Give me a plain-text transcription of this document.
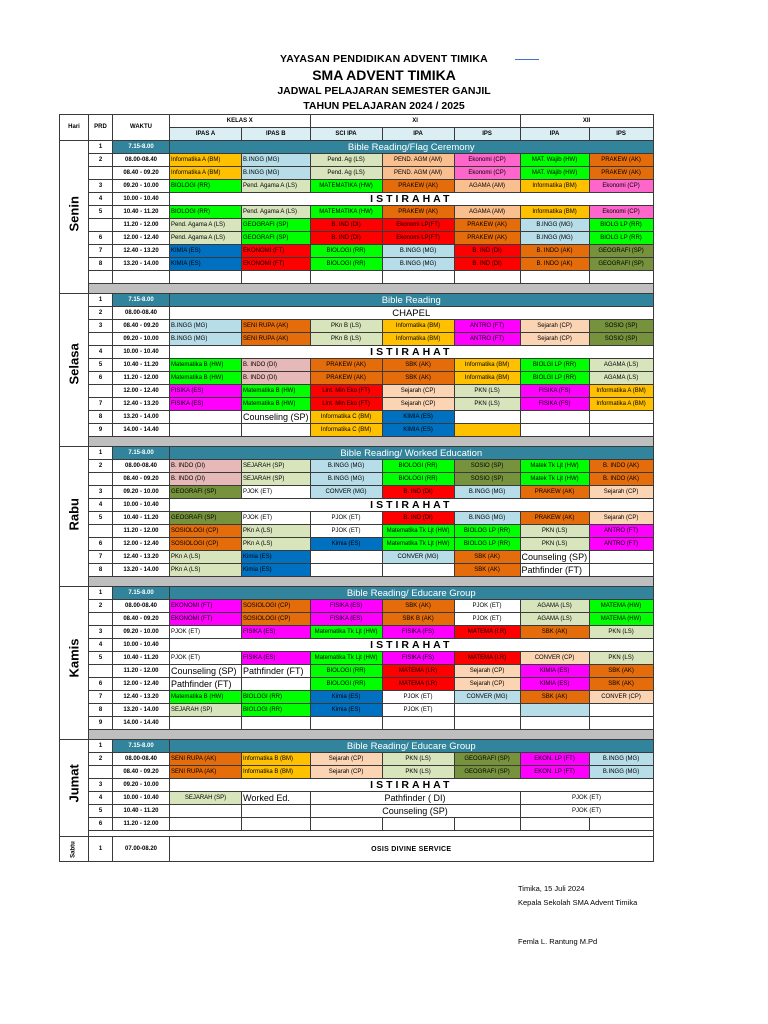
YAYASAN PENDIDIKAN ADVENT TIMIKA
SMA ADVENT TIMIKA
JADWAL PELAJARAN SEMESTER GANJIL
TAHUN PELAJARAN 2024 / 2025
Hari	PRD	WAKTU	KELAS X		XI			XII	
			IPAS A	IPAS B	SCI IPA	IPA	IPS	IPA	IPS

Senin	1	7.15-8.00	Bible Reading/Flag Ceremony						
	2	08.00-08.40	Informatika A (BM)	B.INGG (MG)	Pend. Ag (LS)	PEND. AGM (AM)	Ekonomi (CP)	MAT. Wajib (HW)	PRAKEW (AK)
		08.40 - 09.20	Informatika A (BM)	B.INGG (MG)	Pend. Ag (LS)	PEND. AGM (AM)	Ekonomi (CP)	MAT. Wajib (HW)	PRAKEW (AK)
	3	09.20 - 10.00	BIOLOGI (RR)	Pend. Agama A (LS)	MATEMATIKA (HW)	PRAKEW (AK)	AGAMA (AM)	Informatika (BM)	Ekonomi (CP)
	4	10.00 - 10.40	ISTIRAHAT						
	5	10.40 - 11.20	BIOLOGI (RR)	Pend. Agama A (LS)	MATEMATIKA (HW)	PRAKEW (AK)	AGAMA (AM)	Informatika (BM)	Ekonomi (CP)
		11.20 - 12.00	Pend. Agama A (LS)	GEOGRAFI (SP)	B. IND (DI)	Ekonomi LP(FT)	PRAKEW (AK)	B.INGG (MG)	BIOLG LP (RR)
	6	12.00 - 12.40	Pend. Agama A (LS)	GEOGRAFI (SP)	B. IND (DI)	Ekonomi LP(FT)	PRAKEW (AK)	B.INGG (MG)	BIOLG LP (RR)
	7	12.40 - 13.20	KIMIA (ES)	EKONOMI (FT)	BIOLOGI (RR)	B.INGG (MG)	B. IND (DI)	B. INDO (AK)	GEOGRAFI (SP)
	8	13.20 - 14.00	KIMIA (ES)	EKONOMI (FT)	BIOLOGI (RR)	B.INGG (MG)	B. IND (DI)	B. INDO (AK)	GEOGRAFI (SP)

Selasa	1	7.15-8.00	Bible Reading						
	2	08.00-08.40	CHAPEL						
	3	08.40 - 09.20	B.INGG (MG)	SENI RUPA (AK)	PKn B (LS)	Informatika (BM)	ANTRO (FT)	Sejarah (CP)	SOSIO (SP)
		09.20 - 10.00	B.INGG (MG)	SENI RUPA (AK)	PKn B (LS)	Informatika (BM)	ANTRO (FT)	Sejarah (CP)	SOSIO (SP)
	4	10.00 - 10.40	ISTIRAHAT						
	5	10.40 - 11.20	Matematika B (HW)	B. INDO (DI)	PRAKEW (AK)	SBK (AK)	Informatika (BM)	BIOLGI LP (RR)	AGAMA (LS)
	6	11.20 - 12.00	Matematika B (HW)	B. INDO (DI)	PRAKEW (AK)	SBK (AK)	Informatika (BM)	BIOLGI LP (RR)	AGAMA (LS)
		12.00 - 12.40	FISIKA (ES)	Matematika B (HW)	Lint. Min Eko (FT)	Sejarah (CP)	PKN (LS)	FISIKA (FS)	Informatika A (BM)
	7	12.40 - 13.20	FISIKA (ES)	Matematika B (HW)	Lint. Min Eko (FT)	Sejarah (CP)	PKN (LS)	FISIKA (FS)	Informatika A (BM)
	8	13.20 - 14.00		Counseling (SP)	Informatika C (BM)	KIMIA (ES)			
	9	14.00 - 14.40			Informatika C (BM)	KIMIA (ES)			

Rabu	1	7.15-8.00	Bible Reading/ Worked Education						
	2	08.00-08.40	B. INDO (DI)	SEJARAH (SP)	B.INGG (MG)	BIOLOGI (RR)	SOSIO (SP)	Matek Tk Ljt (HW)	B. INDO (AK)
		08.40 - 09.20	B. INDO (DI)	SEJARAH (SP)	B.INGG (MG)	BIOLOGI (RR)	SOSIO (SP)	Matek Tk Ljt (HW)	B. INDO (AK)
	3	09.20 - 10.00	GEOGRAFI (SP)	PJOK (ET)	CONVER (MG)	B. IND (DI)	B.INGG (MG)	PRAKEW (AK)	Sejarah (CP)
	4	10.00 - 10.40	ISTIRAHAT						
	5	10.40 - 11.20	GEOGRAFI (SP)	PJOK (ET)	PJOK (ET)	B. IND (DI)	B.INGG (MG)	PRAKEW (AK)	Sejarah (CP)
		11.20 - 12.00	SOSIOLOGI (CP)	PKn A (LS)	PJOK (ET)	Matematika Tk Ljt (HW)	BIOLOG LP (RR)	PKN (LS)	ANTRO (FT)
	6	12.00 - 12.40	SOSIOLOGI (CP)	PKn A (LS)	Kimia (ES)	Matematika Tk Ljt (HW)	BIOLOG LP (RR)	PKN (LS)	ANTRO (FT)
	7	12.40 - 13.20	PKn A (LS)	Kimia (ES)		CONVER (MG)	SBK (AK)	Counseling (SP)	
	8	13.20 - 14.00	PKn A (LS)	Kimia (ES)			SBK (AK)	Pathfinder (FT)	

Kamis	1	7.15-8.00	Bible Reading/ Educare Group						
	2	08.00-08.40	EKONOMI (FT)	SOSIOLOGI (CP)	FISIKA (ES)	SBK (AK)	PJOK (ET)	AGAMA (LS)	MATEMA (HW)
		08.40 - 09.20	EKONOMI (FT)	SOSIOLOGI (CP)	FISIKA (ES)	SBK B (AK)	PJOK (ET)	AGAMA (LS)	MATEMA (HW)
	3	09.20 - 10.00	PJOK (ET)	FISIKA (ES)	Matematika Tk Ljt (HW)	FISIKA (FS)	MATEMA (I.R)	SBK (AK)	PKN (LS)
	4	10.00 - 10.40	ISTIRAHAT						
	5	10.40 - 11.20	PJOK (ET)	FISIKA (ES)	Matematika Tk Ljt (HW)	FISIKA (FS)	MATEMA (I.R)	CONVER (CP)	PKN (LS)
		11.20 - 12.00	Counseling (SP)	Pathfinder (FT)	BIOLOGI (RR)	MATEMA (I.R)	Sejarah (CP)	KIMIA (ES)	SBK (AK)
	6	12.00 - 12.40	Pathfinder (FT)		BIOLOGI (RR)	MATEMA (I.R)	Sejarah (CP)	KIMIA (ES)	SBK (AK)
	7	12.40 - 13.20	Matematika B (HW)	BIOLOGI (RR)	Kimia (ES)	PJOK (ET)	CONVER (MG)	SBK (AK)	CONVER (CP)
	8	13.20 - 14.00	SEJARAH (SP)	BIOLOGI (RR)	Kimia (ES)	PJOK (ET)			
	9	14.00 - 14.40							

Jumat	1	7.15-8.00	Bible Reading/ Educare Group						
	2	08.00-08.40	SENI RUPA (AK)	Informatika B (BM)	Sejarah (CP)	PKN (LS)	GEOGRAFI (SP)	EKON. LP (FT)	B.INGG (MG)
		08.40 - 09.20	SENI RUPA (AK)	Informatika B (BM)	Sejarah (CP)	PKN (LS)	GEOGRAFI (SP)	EKON. LP (FT)	B.INGG (MG)
	3	09.20 - 10.00	ISTIRAHAT						
	4	10.00 - 10.40	SEJARAH (SP)	Worked Ed.	Pathfinder ( DI)			PJOK (ET)	
	5	10.40 - 11.20			Counseling (SP)			PJOK (ET)	
	6	11.20 - 12.00							

Sabtu	1	07.00-08.20	OSIS DIVINE SERVICE						
Timika, 15 Juli 2024
Kepala Sekolah SMA Advent Timika
Femla L. Rantung M.Pd
